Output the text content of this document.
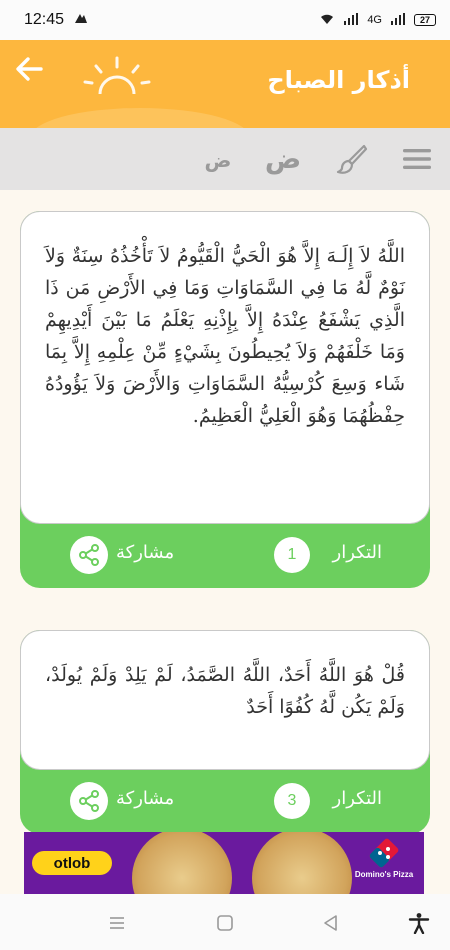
12:45	4G	27
أذكار الصباح
ض ض

اللَّهُ لاَ إِلَـهَ إِلاَّ هُوَ الْحَيُّ الْقَيُّومُ لاَ تَأْخُذُهُ سِنَةٌ وَلاَ نَوْمٌ لَّهُ مَا فِي السَّمَاوَاتِ وَمَا فِي الأَرْضِ مَن ذَا الَّذِي يَشْفَعُ عِنْدَهُ إِلاَّ بِإِذْنِهِ يَعْلَمُ مَا بَيْنَ أَيْدِيهِمْ وَمَا خَلْفَهُمْ وَلاَ يُحِيطُونَ بِشَيْءٍ مِّنْ عِلْمِهِ إِلاَّ بِمَا شَاء وَسِعَ كُرْسِيُّهُ السَّمَاوَاتِ وَالأَرْضَ وَلاَ يَؤُودُهُ حِفْظُهُمَا وَهُوَ الْعَلِيُّ الْعَظِيمُ.

التكرار
1
مشاركة

قُلْ هُوَ اللَّهُ أَحَدٌ، اللَّهُ الصَّمَدُ، لَمْ يَلِدْ وَلَمْ يُولَدْ، وَلَمْ يَكُن لَّهُ كُفُوًا أَحَدٌ

التكرار
3
مشاركة
otlob
Domino's Pizza
